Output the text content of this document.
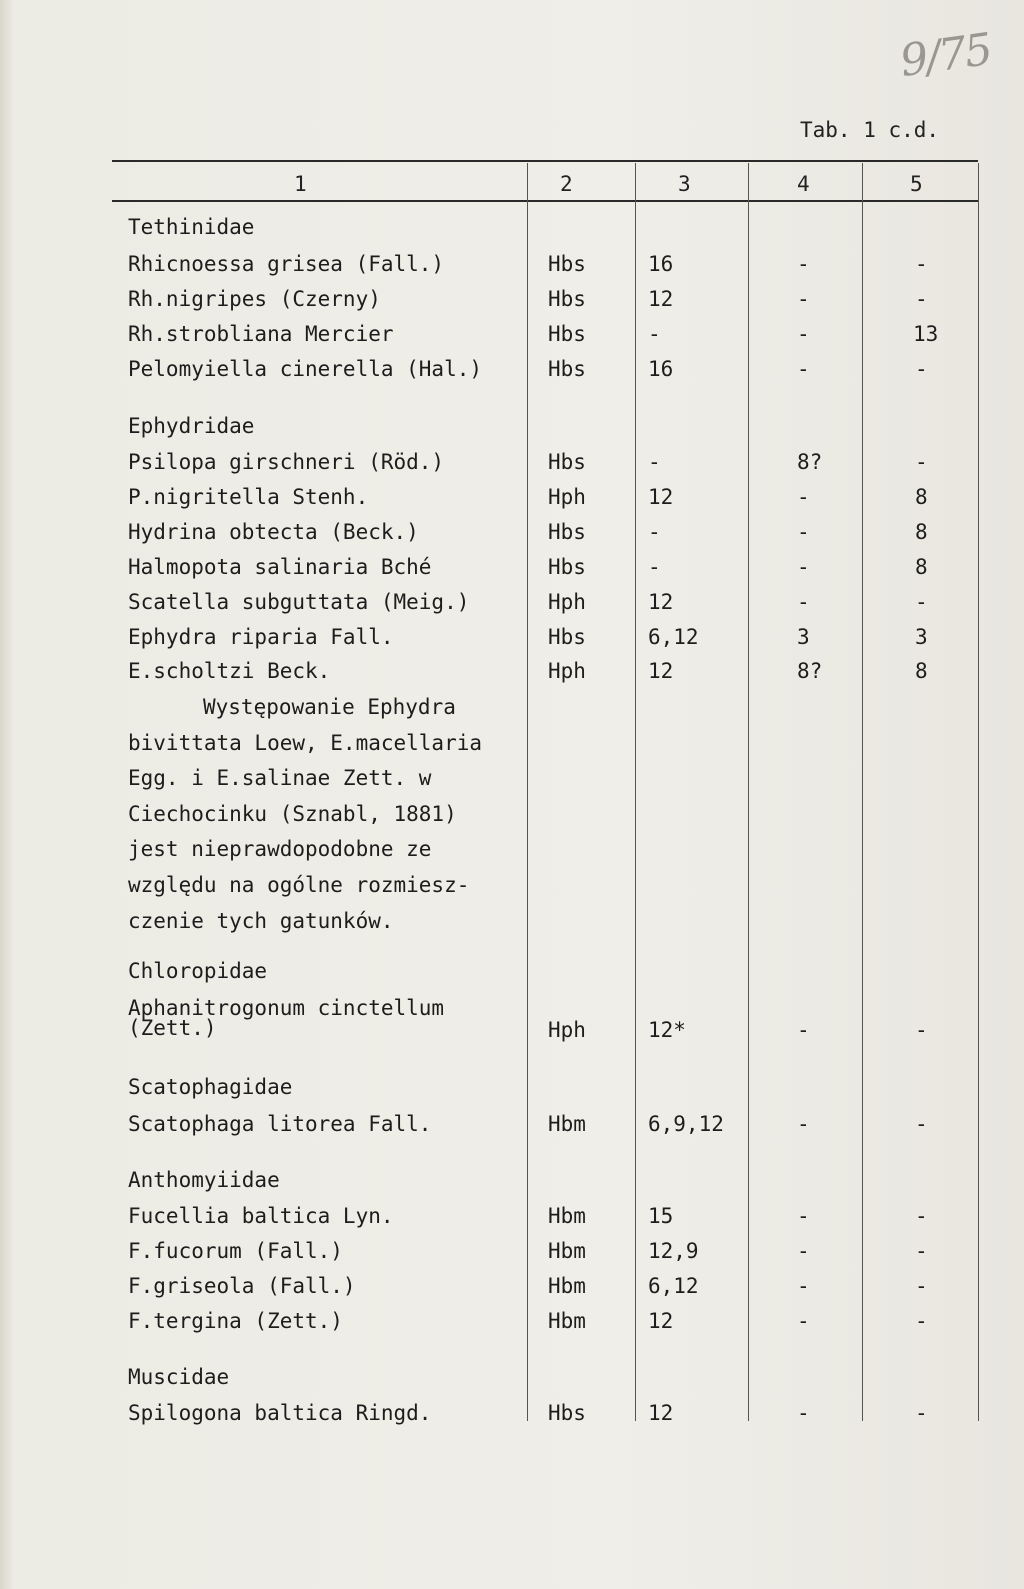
9/75
Tab. 1 c.d.
1	2	3	4	5
Tethinidae
Rhicnoessa grisea (Fall.)	Hbs	16	-	-
Rh.nigripes (Czerny)	Hbs	12	-	-
Rh.strobliana Mercier	Hbs	-	-	13
Pelomyiella cinerella (Hal.)	Hbs	16	-	-
Ephydridae
Psilopa girschneri (Röd.)	Hbs	-	8?	-
P.nigritella Stenh.	Hph	12	-	8
Hydrina obtecta (Beck.)	Hbs	-	-	8
Halmopota salinaria Bché	Hbs	-	-	8
Scatella subguttata (Meig.)	Hph	12	-	-
Ephydra riparia Fall.	Hbs	6,12	3	3
E.scholtzi Beck.	Hph	12	8?	8
Występowanie Ephydra
bivittata Loew, E.macellaria
Egg. i E.salinae Zett. w
Ciechocinku (Sznabl, 1881)
jest nieprawdopodobne ze
względu na ogólne rozmiesz-
czenie tych gatunków.
Chloropidae
Aphanitrogonum cinctellum
(Zett.)	Hph	12*	-	-
Scatophagidae
Scatophaga litorea Fall.	Hbm	6,9,12	-	-
Anthomyiidae
Fucellia baltica Lyn.	Hbm	15	-	-
F.fucorum (Fall.)	Hbm	12,9	-	-
F.griseola (Fall.)	Hbm	6,12	-	-
F.tergina (Zett.)	Hbm	12	-	-
Muscidae
Spilogona baltica Ringd.	Hbs	12	-	-
